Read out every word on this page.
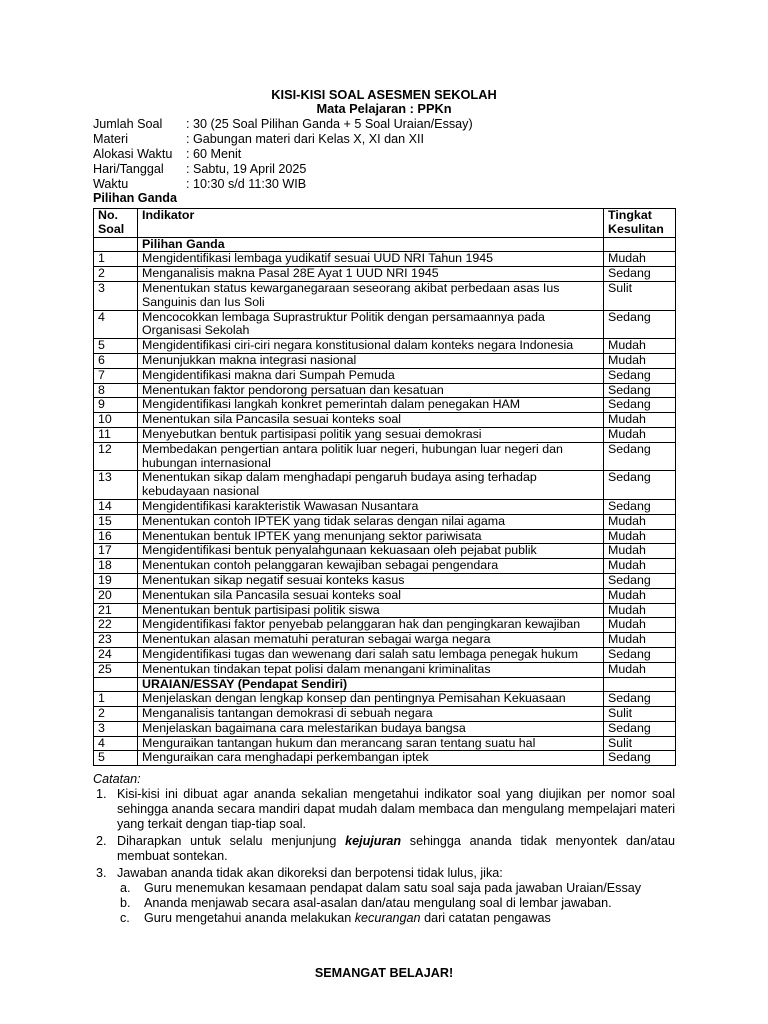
KISI-KISI SOAL ASESMEN SEKOLAH
Mata Pelajaran : PPKn
Jumlah Soal	: 30 (25 Soal Pilihan Ganda + 5 Soal Uraian/Essay)
Materi	: Gabungan materi dari Kelas X, XI dan XII
Alokasi Waktu	: 60 Menit
Hari/Tanggal	: Sabtu, 19 April 2025
Waktu	: 10:30 s/d 11:30 WIB
Pilihan Ganda
No. Soal	Indikator	Tingkat Kesulitan
	Pilihan Ganda	
1	Mengidentifikasi lembaga yudikatif sesuai UUD NRI Tahun 1945	Mudah
2	Menganalisis makna Pasal 28E Ayat 1 UUD NRI 1945	Sedang
3	Menentukan status kewarganegaraan seseorang akibat perbedaan asas Ius Sanguinis dan Ius Soli	Sulit
4	Mencocokkan lembaga Suprastruktur Politik dengan persamaannya pada Organisasi Sekolah	Sedang
5	Mengidentifikasi ciri-ciri negara konstitusional dalam konteks negara Indonesia	Mudah
6	Menunjukkan makna integrasi nasional	Mudah
7	Mengidentifikasi makna dari Sumpah Pemuda	Sedang
8	Menentukan faktor pendorong persatuan dan kesatuan	Sedang
9	Mengidentifikasi langkah konkret pemerintah dalam penegakan HAM	Sedang
10	Menentukan sila Pancasila sesuai konteks soal	Mudah
11	Menyebutkan bentuk partisipasi politik yang sesuai demokrasi	Mudah
12	Membedakan pengertian antara politik luar negeri, hubungan luar negeri dan hubungan internasional	Sedang
13	Menentukan sikap dalam menghadapi pengaruh budaya asing terhadap kebudayaan nasional	Sedang
14	Mengidentifikasi karakteristik Wawasan Nusantara	Sedang
15	Menentukan contoh IPTEK yang tidak selaras dengan nilai agama	Mudah
16	Menentukan bentuk IPTEK yang menunjang sektor pariwisata	Mudah
17	Mengidentifikasi bentuk penyalahgunaan kekuasaan oleh pejabat publik	Mudah
18	Menentukan contoh pelanggaran kewajiban sebagai pengendara	Mudah
19	Menentukan sikap negatif sesuai konteks kasus	Sedang
20	Menentukan sila Pancasila sesuai konteks soal	Mudah
21	Menentukan bentuk partisipasi politik siswa	Mudah
22	Mengidentifikasi faktor penyebab pelanggaran hak dan pengingkaran kewajiban	Mudah
23	Menentukan alasan mematuhi peraturan sebagai warga negara	Mudah
24	Mengidentifikasi tugas dan wewenang dari salah satu lembaga penegak hukum	Sedang
25	Menentukan tindakan tepat polisi dalam menangani kriminalitas	Mudah
	URAIAN/ESSAY (Pendapat Sendiri)	
1	Menjelaskan dengan lengkap konsep dan pentingnya Pemisahan Kekuasaan	Sedang
2	Menganalisis tantangan demokrasi di sebuah negara	Sulit
3	Menjelaskan bagaimana cara melestarikan budaya bangsa	Sedang
4	Menguraikan tantangan hukum dan merancang saran tentang suatu hal	Sulit
5	Menguraikan cara menghadapi perkembangan iptek	Sedang
Catatan:
1. Kisi-kisi ini dibuat agar ananda sekalian mengetahui indikator soal yang diujikan per nomor soal sehingga ananda secara mandiri dapat mudah dalam membaca dan mengulang mempelajari materi yang terkait dengan tiap-tiap soal.
2. Diharapkan untuk selalu menjunjung kejujuran sehingga ananda tidak menyontek dan/atau membuat sontekan.
3. Jawaban ananda tidak akan dikoreksi dan berpotensi tidak lulus, jika:
a.	Guru menemukan kesamaan pendapat dalam satu soal saja pada jawaban Uraian/Essay
b.	Ananda menjawab secara asal-asalan dan/atau mengulang soal di lembar jawaban.
c.	Guru mengetahui ananda melakukan kecurangan dari catatan pengawas
SEMANGAT BELAJAR!
